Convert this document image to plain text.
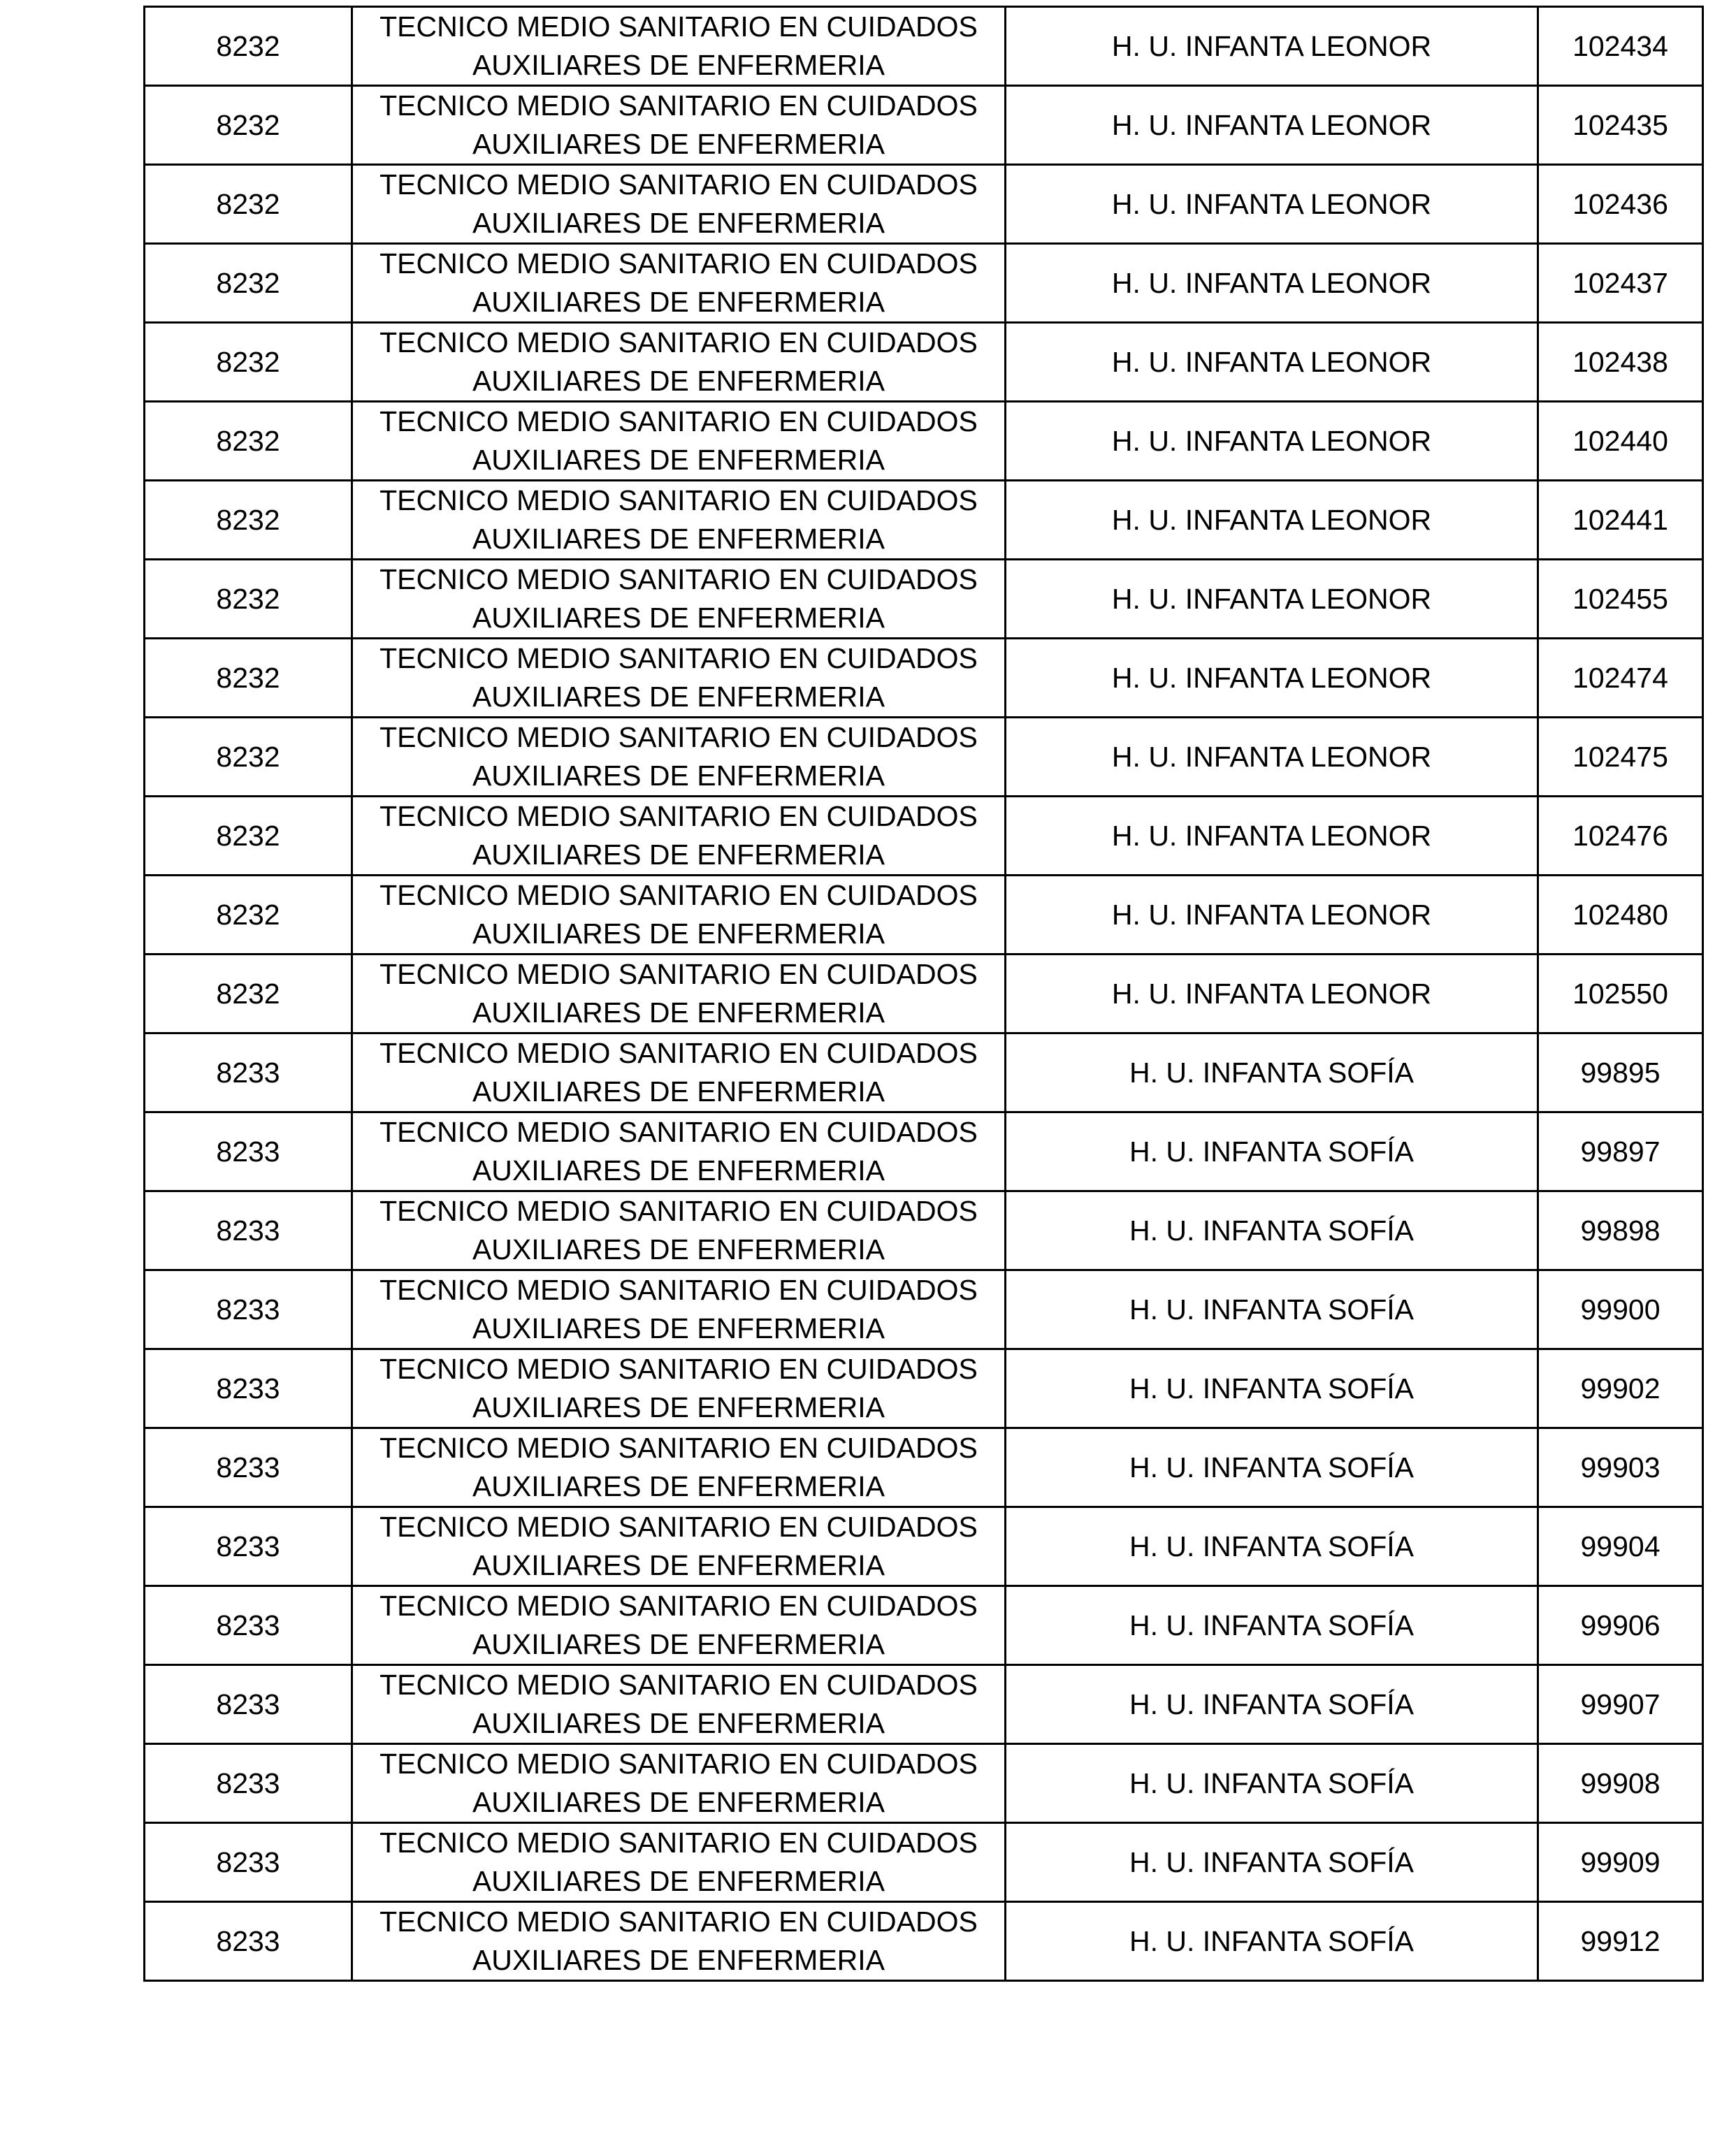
8232	TECNICO MEDIO SANITARIO EN CUIDADOS
AUXILIARES DE ENFERMERIA	H. U. INFANTA LEONOR	102434
8232	TECNICO MEDIO SANITARIO EN CUIDADOS
AUXILIARES DE ENFERMERIA	H. U. INFANTA LEONOR	102435
8232	TECNICO MEDIO SANITARIO EN CUIDADOS
AUXILIARES DE ENFERMERIA	H. U. INFANTA LEONOR	102436
8232	TECNICO MEDIO SANITARIO EN CUIDADOS
AUXILIARES DE ENFERMERIA	H. U. INFANTA LEONOR	102437
8232	TECNICO MEDIO SANITARIO EN CUIDADOS
AUXILIARES DE ENFERMERIA	H. U. INFANTA LEONOR	102438
8232	TECNICO MEDIO SANITARIO EN CUIDADOS
AUXILIARES DE ENFERMERIA	H. U. INFANTA LEONOR	102440
8232	TECNICO MEDIO SANITARIO EN CUIDADOS
AUXILIARES DE ENFERMERIA	H. U. INFANTA LEONOR	102441
8232	TECNICO MEDIO SANITARIO EN CUIDADOS
AUXILIARES DE ENFERMERIA	H. U. INFANTA LEONOR	102455
8232	TECNICO MEDIO SANITARIO EN CUIDADOS
AUXILIARES DE ENFERMERIA	H. U. INFANTA LEONOR	102474
8232	TECNICO MEDIO SANITARIO EN CUIDADOS
AUXILIARES DE ENFERMERIA	H. U. INFANTA LEONOR	102475
8232	TECNICO MEDIO SANITARIO EN CUIDADOS
AUXILIARES DE ENFERMERIA	H. U. INFANTA LEONOR	102476
8232	TECNICO MEDIO SANITARIO EN CUIDADOS
AUXILIARES DE ENFERMERIA	H. U. INFANTA LEONOR	102480
8232	TECNICO MEDIO SANITARIO EN CUIDADOS
AUXILIARES DE ENFERMERIA	H. U. INFANTA LEONOR	102550
8233	TECNICO MEDIO SANITARIO EN CUIDADOS
AUXILIARES DE ENFERMERIA	H. U. INFANTA SOFÍA	99895
8233	TECNICO MEDIO SANITARIO EN CUIDADOS
AUXILIARES DE ENFERMERIA	H. U. INFANTA SOFÍA	99897
8233	TECNICO MEDIO SANITARIO EN CUIDADOS
AUXILIARES DE ENFERMERIA	H. U. INFANTA SOFÍA	99898
8233	TECNICO MEDIO SANITARIO EN CUIDADOS
AUXILIARES DE ENFERMERIA	H. U. INFANTA SOFÍA	99900
8233	TECNICO MEDIO SANITARIO EN CUIDADOS
AUXILIARES DE ENFERMERIA	H. U. INFANTA SOFÍA	99902
8233	TECNICO MEDIO SANITARIO EN CUIDADOS
AUXILIARES DE ENFERMERIA	H. U. INFANTA SOFÍA	99903
8233	TECNICO MEDIO SANITARIO EN CUIDADOS
AUXILIARES DE ENFERMERIA	H. U. INFANTA SOFÍA	99904
8233	TECNICO MEDIO SANITARIO EN CUIDADOS
AUXILIARES DE ENFERMERIA	H. U. INFANTA SOFÍA	99906
8233	TECNICO MEDIO SANITARIO EN CUIDADOS
AUXILIARES DE ENFERMERIA	H. U. INFANTA SOFÍA	99907
8233	TECNICO MEDIO SANITARIO EN CUIDADOS
AUXILIARES DE ENFERMERIA	H. U. INFANTA SOFÍA	99908
8233	TECNICO MEDIO SANITARIO EN CUIDADOS
AUXILIARES DE ENFERMERIA	H. U. INFANTA SOFÍA	99909
8233	TECNICO MEDIO SANITARIO EN CUIDADOS
AUXILIARES DE ENFERMERIA	H. U. INFANTA SOFÍA	99912
